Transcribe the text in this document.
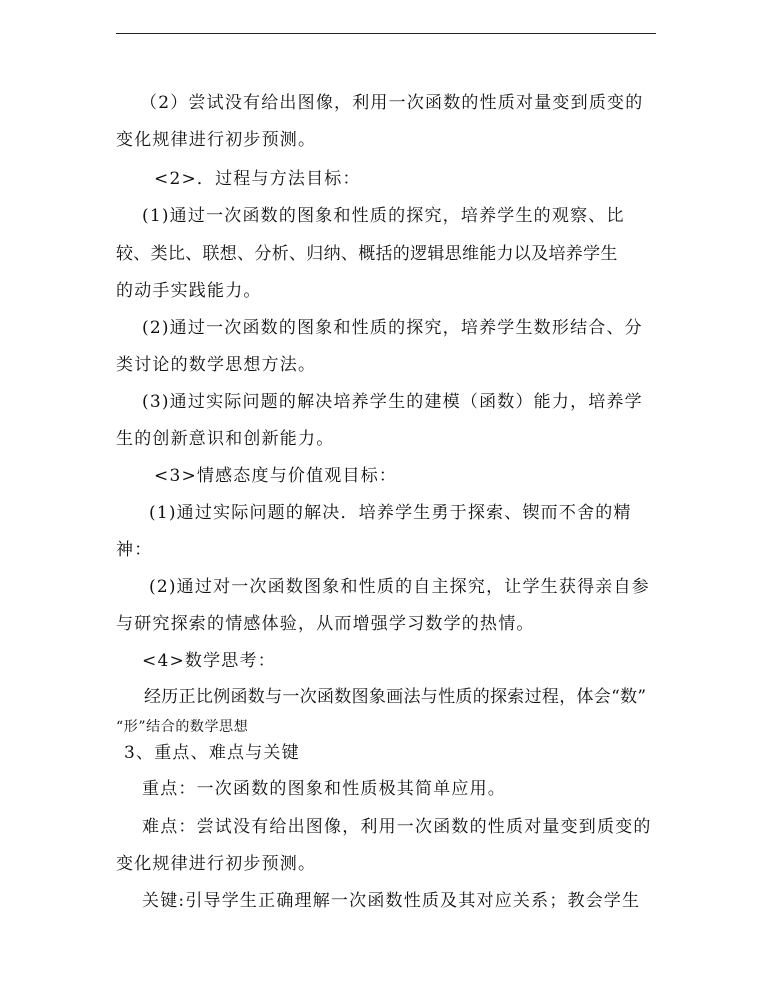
（2）尝试没有给出图像，利用一次函数的性质对量变到质变的
变化规律进行初步预测。
<2>．过程与方法目标：
(1)通过一次函数的图象和性质的探究，培养学生的观察、比
较、类比、联想、分析、归纳、概括的逻辑思维能力以及培养学生
的动手实践能力。
(2)通过一次函数的图象和性质的探究，培养学生数形结合、分
类讨论的数学思想方法。
(3)通过实际问题的解决培养学生的建模（函数）能力，培养学
生的创新意识和创新能力。
<3>情感态度与价值观目标：
(1)通过实际问题的解决．培养学生勇于探索、锲而不舍的精
神：
(2)通过对一次函数图象和性质的自主探究，让学生获得亲自参
与研究探索的情感体验，从而增强学习数学的热情。
<4>数学思考：
经历正比例函数与一次函数图象画法与性质的探索过程，体会“数”
“形”结合的数学思想
3、重点、难点与关键
重点：一次函数的图象和性质极其简单应用。
难点：尝试没有给出图像，利用一次函数的性质对量变到质变的
变化规律进行初步预测。
关键:引导学生正确理解一次函数性质及其对应关系；教会学生
